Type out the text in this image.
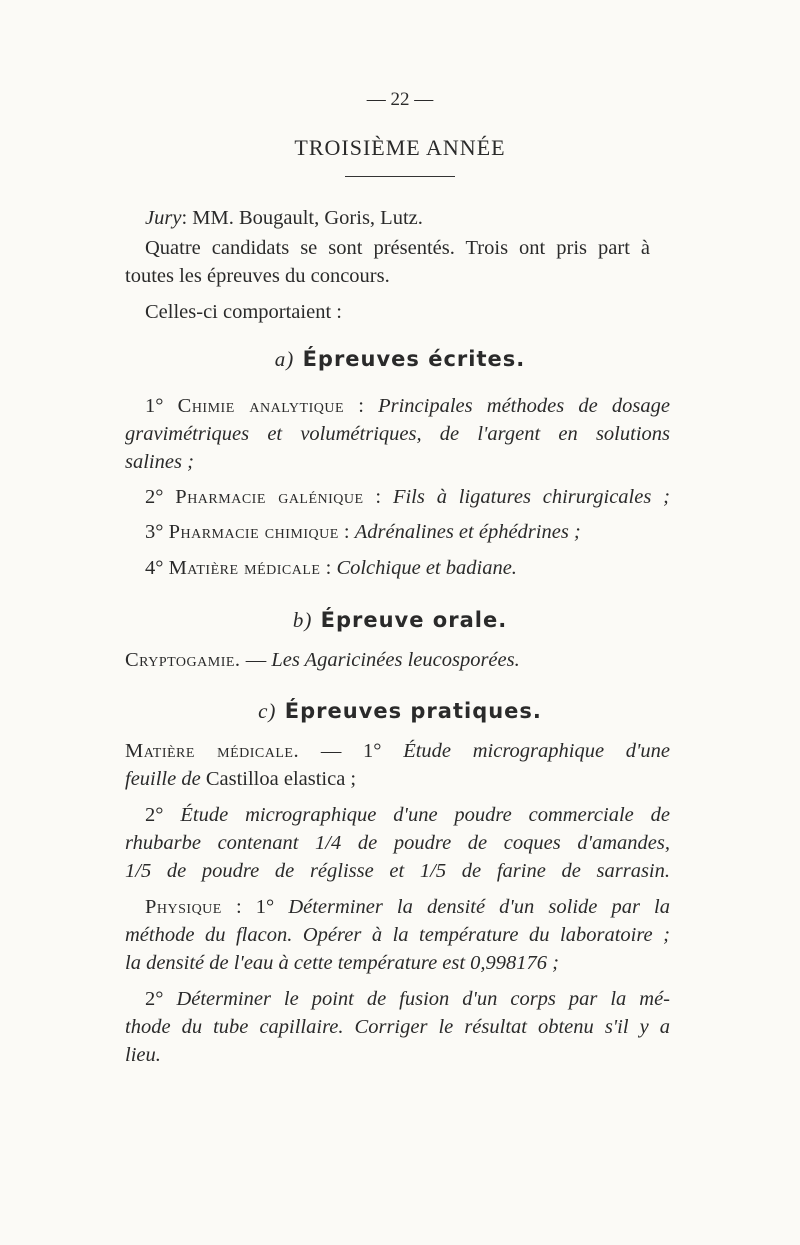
— 22 —
TROISIÈME ANNÉE
Jury: MM. Bougault, Goris, Lutz.
Quatre candidats se sont présentés. Trois ont pris part à
toutes les épreuves du concours.
Celles-ci comportaient :
a) Épreuves écrites.
1° Chimie analytique : Principales méthodes de dosage
gravimétriques et volumétriques, de l'argent en solutions
salines ;
2° Pharmacie galénique : Fils à ligatures chirurgicales ;
3° Pharmacie chimique : Adrénalines et éphédrines ;
4° Matière médicale : Colchique et badiane.
b) Épreuve orale.
Cryptogamie. — Les Agaricinées leucosporées.
c) Épreuves pratiques.
Matière médicale. — 1° Étude micrographique d'une
feuille de Castilloa elastica ;
2° Étude micrographique d'une poudre commerciale de
rhubarbe contenant 1/4 de poudre de coques d'amandes,
1/5 de poudre de réglisse et 1/5 de farine de sarrasin.
Physique : 1° Déterminer la densité d'un solide par la
méthode du flacon. Opérer à la température du laboratoire ;
la densité de l'eau à cette température est 0,998176 ;
2° Déterminer le point de fusion d'un corps par la mé-
thode du tube capillaire. Corriger le résultat obtenu s'il y a
lieu.
